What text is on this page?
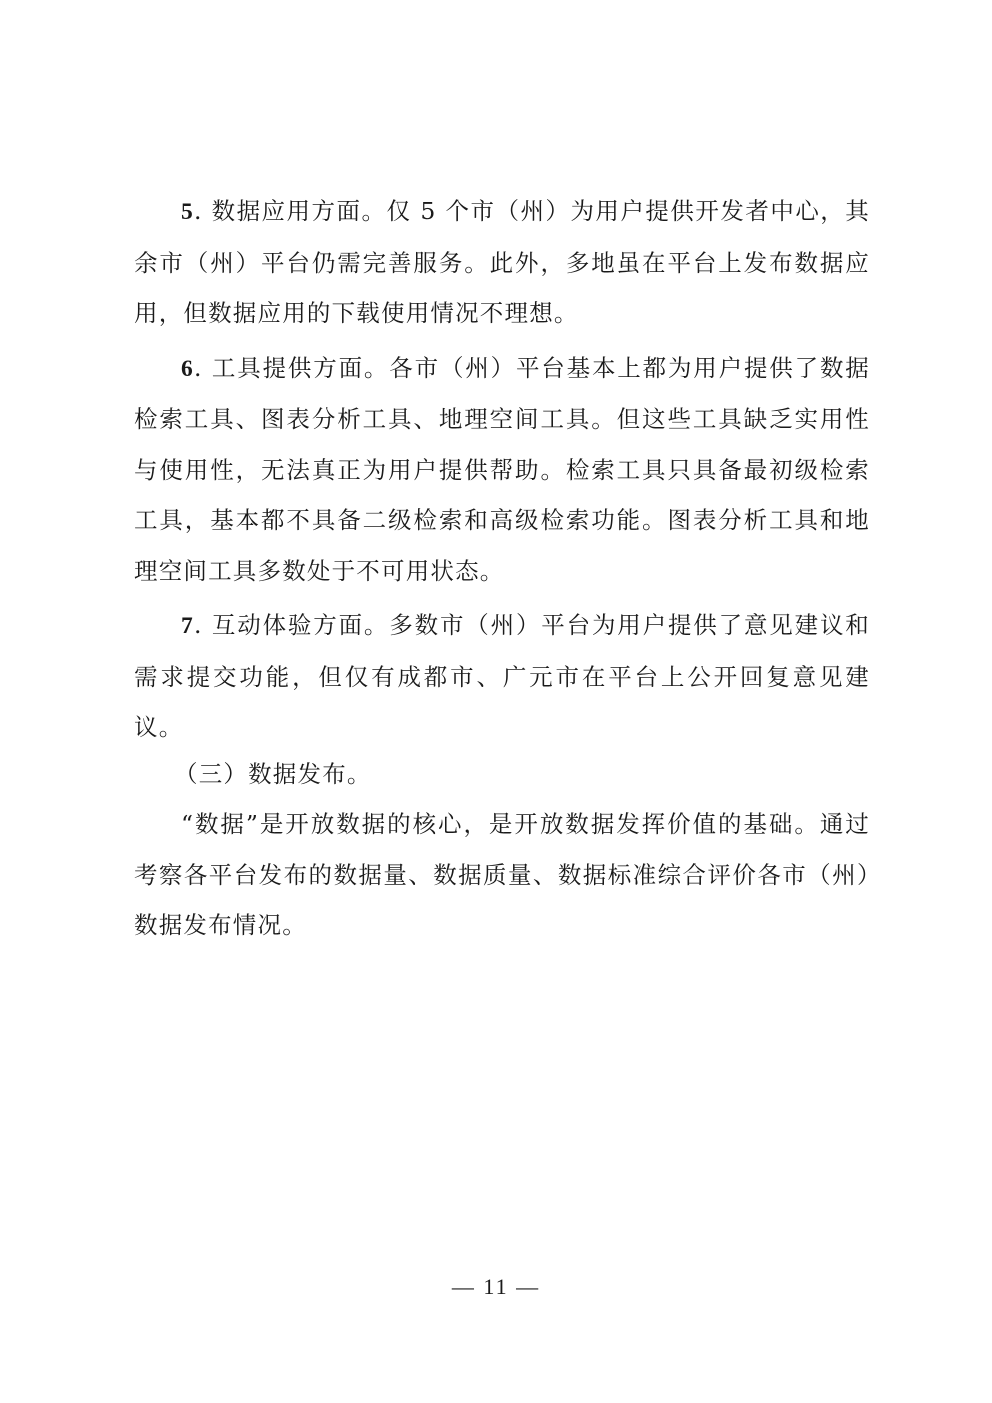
5. 数据应用方面。仅 5 个市（州）为用户提供开发者中心，其余市（州）平台仍需完善服务。此外，多地虽在平台上发布数据应用，但数据应用的下载使用情况不理想。

6. 工具提供方面。各市（州）平台基本上都为用户提供了数据检索工具、图表分析工具、地理空间工具。但这些工具缺乏实用性与使用性，无法真正为用户提供帮助。检索工具只具备最初级检索工具，基本都不具备二级检索和高级检索功能。图表分析工具和地理空间工具多数处于不可用状态。

7. 互动体验方面。多数市（州）平台为用户提供了意见建议和需求提交功能，但仅有成都市、广元市在平台上公开回复意见建议。

（三）数据发布。

“数据”是开放数据的核心，是开放数据发挥价值的基础。通过考察各平台发布的数据量、数据质量、数据标准综合评价各市（州）数据发布情况。

— 11 —
